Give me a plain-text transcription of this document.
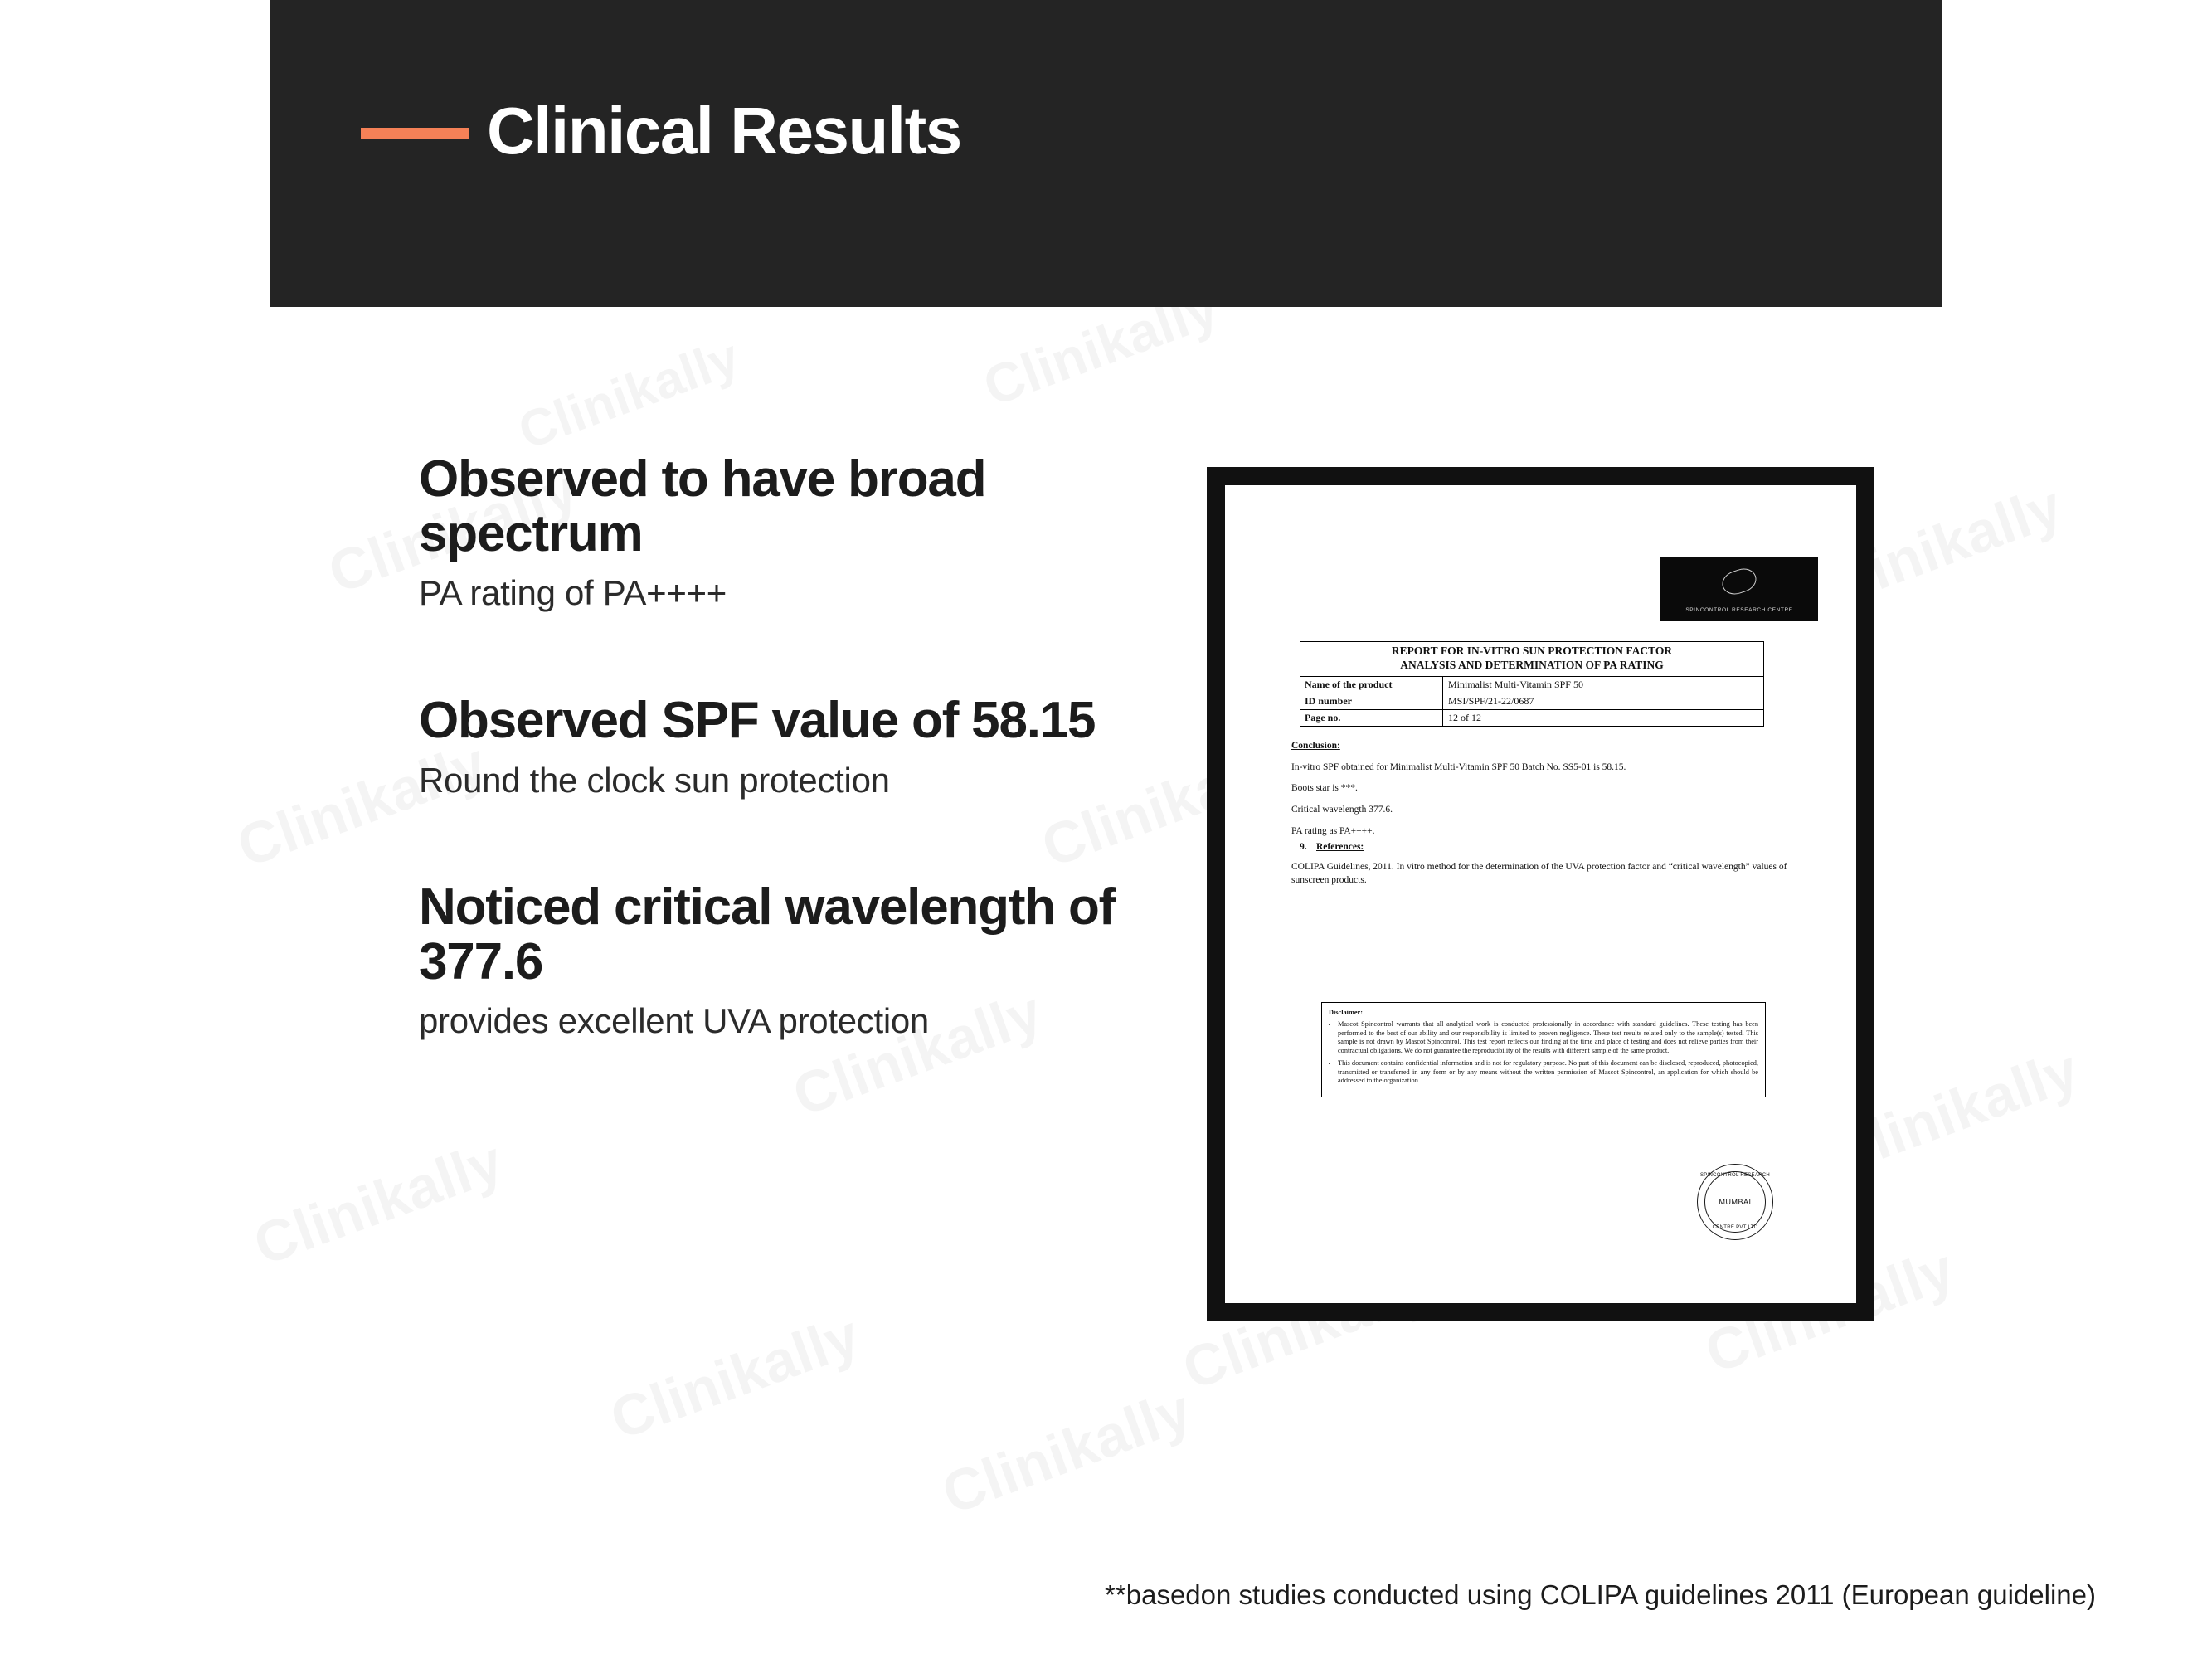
Clinical Results
Observed to have broad spectrum
PA rating of PA++++
Observed SPF value of 58.15
Round the clock sun protection
Noticed critical wavelength of 377.6
provides excellent UVA protection
SPINCONTROL RESEARCH CENTRE
REPORT FOR IN-VITRO SUN PROTECTION FACTOR
ANALYSIS AND DETERMINATION OF PA RATING
Name of the product	Minimalist Multi-Vitamin SPF 50
ID number	MSI/SPF/21-22/0687
Page no.	12 of 12

Conclusion:

In-vitro SPF obtained for Minimalist Multi-Vitamin SPF 50 Batch No. SS5-01 is 58.15.

Boots star is ***.

Critical wavelength 377.6.

PA rating as PA++++.

9. References:

COLIPA Guidelines, 2011. In vitro method for the determination of the UVA protection factor and “critical wavelength” values of sunscreen products.

Disclaimer:

• Mascot Spincontrol warrants that all analytical work is conducted professionally in accordance with standard guidelines. These testing has been performed to the best of our ability and our responsibility is limited to proven negligence. These test results related only to the sample(s) tested. This sample is not drawn by Mascot Spincontrol. This test report reflects our finding at the time and place of testing and does not relieve parties from their contractual obligations. We do not guarantee the reproducibility of the results with different sample of the same product.
• This document contains confidential information and is not for regulatory purpose. No part of this document can be disclosed, reproduced, photocopied, transmitted or transferred in any form or by any means without the written permission of Mascot Spincontrol, an application for which should be addressed to the organization.
SPINCONTROL RESEARCH
MUMBAI
CENTRE PVT LTD
**basedon studies conducted using COLIPA guidelines 2011 (European guideline)
